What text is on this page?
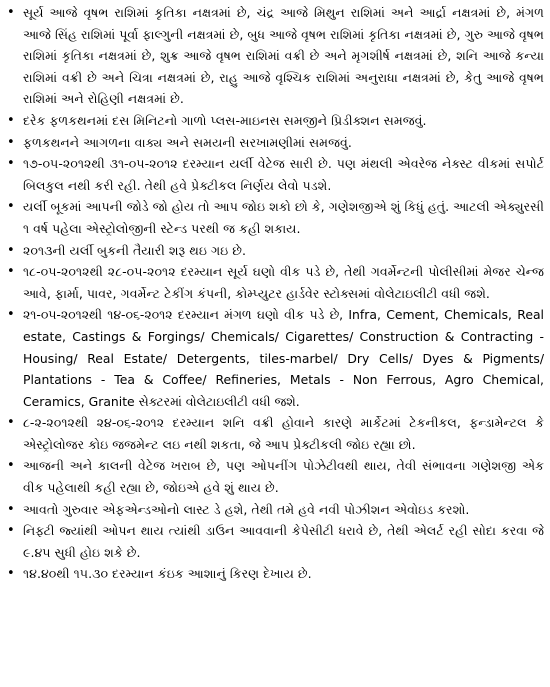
• સૂર્ય આજે વૃષભ રાશિમાં કૃતિકા નક્ષત્રમાં છે, ચંદ્ર આજે મિથુન રાશિમાં અને આર્દ્રા નક્ષત્રમાં છે, મંગળ આજે સિંહ રાશિમાં પૂર્વા ફાલ્ગુની નક્ષત્રમાં છે, બુધ આજે વૃષભ રાશિમાં કૃતિકા નક્ષત્રમાં છે, ગુરુ આજે વૃષભ રાશિમાં કૃતિકા નક્ષત્રમાં છે, શુક્ર આજે વૃષભ રાશિમાં વક્રી છે અને મૃગશીર્ષ નક્ષત્રમાં છે, શનિ આજે કન્યા રાશિમાં વક્રી છે અને ચિત્રા નક્ષત્રમાં છે, રાહુ આજે વૃશ્ચિક રાશિમાં અનુરાધા નક્ષત્રમાં છે, કેતુ આજે વૃષભ રાશિમાં અને રોહિણી નક્ષત્રમાં છે.
• દરેક ફળકથનમાં દસ મિનિટનો ગાળો પ્લસ-માઇનસ સમજીને પ્રિડીક્શન સમજવું.
• ફળકથનને આગળના વાક્ય અને સમયની સરખામણીમાં સમજવું.
• ૧૭-૦૫-૨૦૧૨થી ૩૧-૦૫-૨૦૧૨ દરમ્યાન યર્લી વેટેજ સારી છે. પણ મંથલી એવરેજ નેક્સ્ટ વીકમાં સપોર્ટ બિલકુલ નથી કરી રહી. તેથી હવે પ્રેક્ટીકલ નિર્ણય લેવો પડશે.
• યર્લી બૂકમાં આપની જોડે જો હોય તો આપ જોઇ શકો છો કે, ગણેશજીએ શું કિધું હતું. આટલી એક્યુરસી ૧ વર્ષ પહેલા એસ્ટ્રોલોજીની સ્ટેન્ડ પરથી જ કહી શકાય.
• ૨૦૧૩ની યર્લી બુકની તૈયારી શરૂ થઇ ગઇ છે.
• ૧૮-૦૫-૨૦૧૨થી ૨૮-૦૫-૨૦૧૨ દરમ્યાન સૂર્ય ઘણો વીક પડે છે, તેથી ગવર્મેન્ટની પોલીસીમાં મેજર ચેન્જ આવે, ફાર્મા, પાવર, ગવર્મેન્ટ ટેકીંગ કંપની, કોમ્પ્યુટર હાર્ડવેર સ્ટોક્સમાં વોલેટાઇલીટી વધી જશે.
• ૨૧-૦૫-૨૦૧૨થી ૧૪-૦૬-૨૦૧૨ દરમ્યાન મંગળ ઘણો વીક પડે છે, Infra, Cement, Chemicals, Real estate, Castings & Forgings/ Chemicals/ Cigarettes/ Construction & Contracting - Housing/ Real Estate/ Detergents, tiles-marbel/ Dry Cells/ Dyes & Pigments/ Plantations - Tea & Coffee/ Refineries, Metals - Non Ferrous, Agro Chemical, Ceramics, Granite સેક્ટરમાં વોલેટાઇલીટી વધી જશે.
• ૮-૨-૨૦૧૨થી ૨૪-૦૬-૨૦૧૨ દરમ્યાન શનિ વક્રી હોવાને કારણે માર્કેટમાં ટેકનીકલ, ફન્ડામેન્ટલ કે એસ્ટ્રોલોજર કોઇ જજમેન્ટ લઇ નથી શકતા, જે આપ પ્રેક્ટીકલી જોઇ રહ્યા છો.
• આજની અને કાલની વેટેજ ખરાબ છે, પણ ઓપનીંગ પોઝેટીવથી થાય, તેવી સંભાવના ગણેશજી એક વીક પહેલાથી કહી રહ્યા છે, જોઇએ હવે શું થાય છે.
• આવતો ગુરુવાર એફએન્ડઓનો લાસ્ટ ડે હશે, તેથી તમે હવે નવી પોઝીશન એવોઇડ કરશો.
• નિફ્ટી જ્યાંથી ઓપન થાય ત્યાંથી ડાઉન આવવાની કેપેસીટી ધરાવે છે, તેથી એલર્ટ રહી સોદા કરવા જે ૯.૪૫ સુધી હોઇ શકે છે.
• ૧૪.૪૦થી ૧૫.૩૦ દરમ્યાન કંઇક આશાનું કિરણ દેખાય છે.
